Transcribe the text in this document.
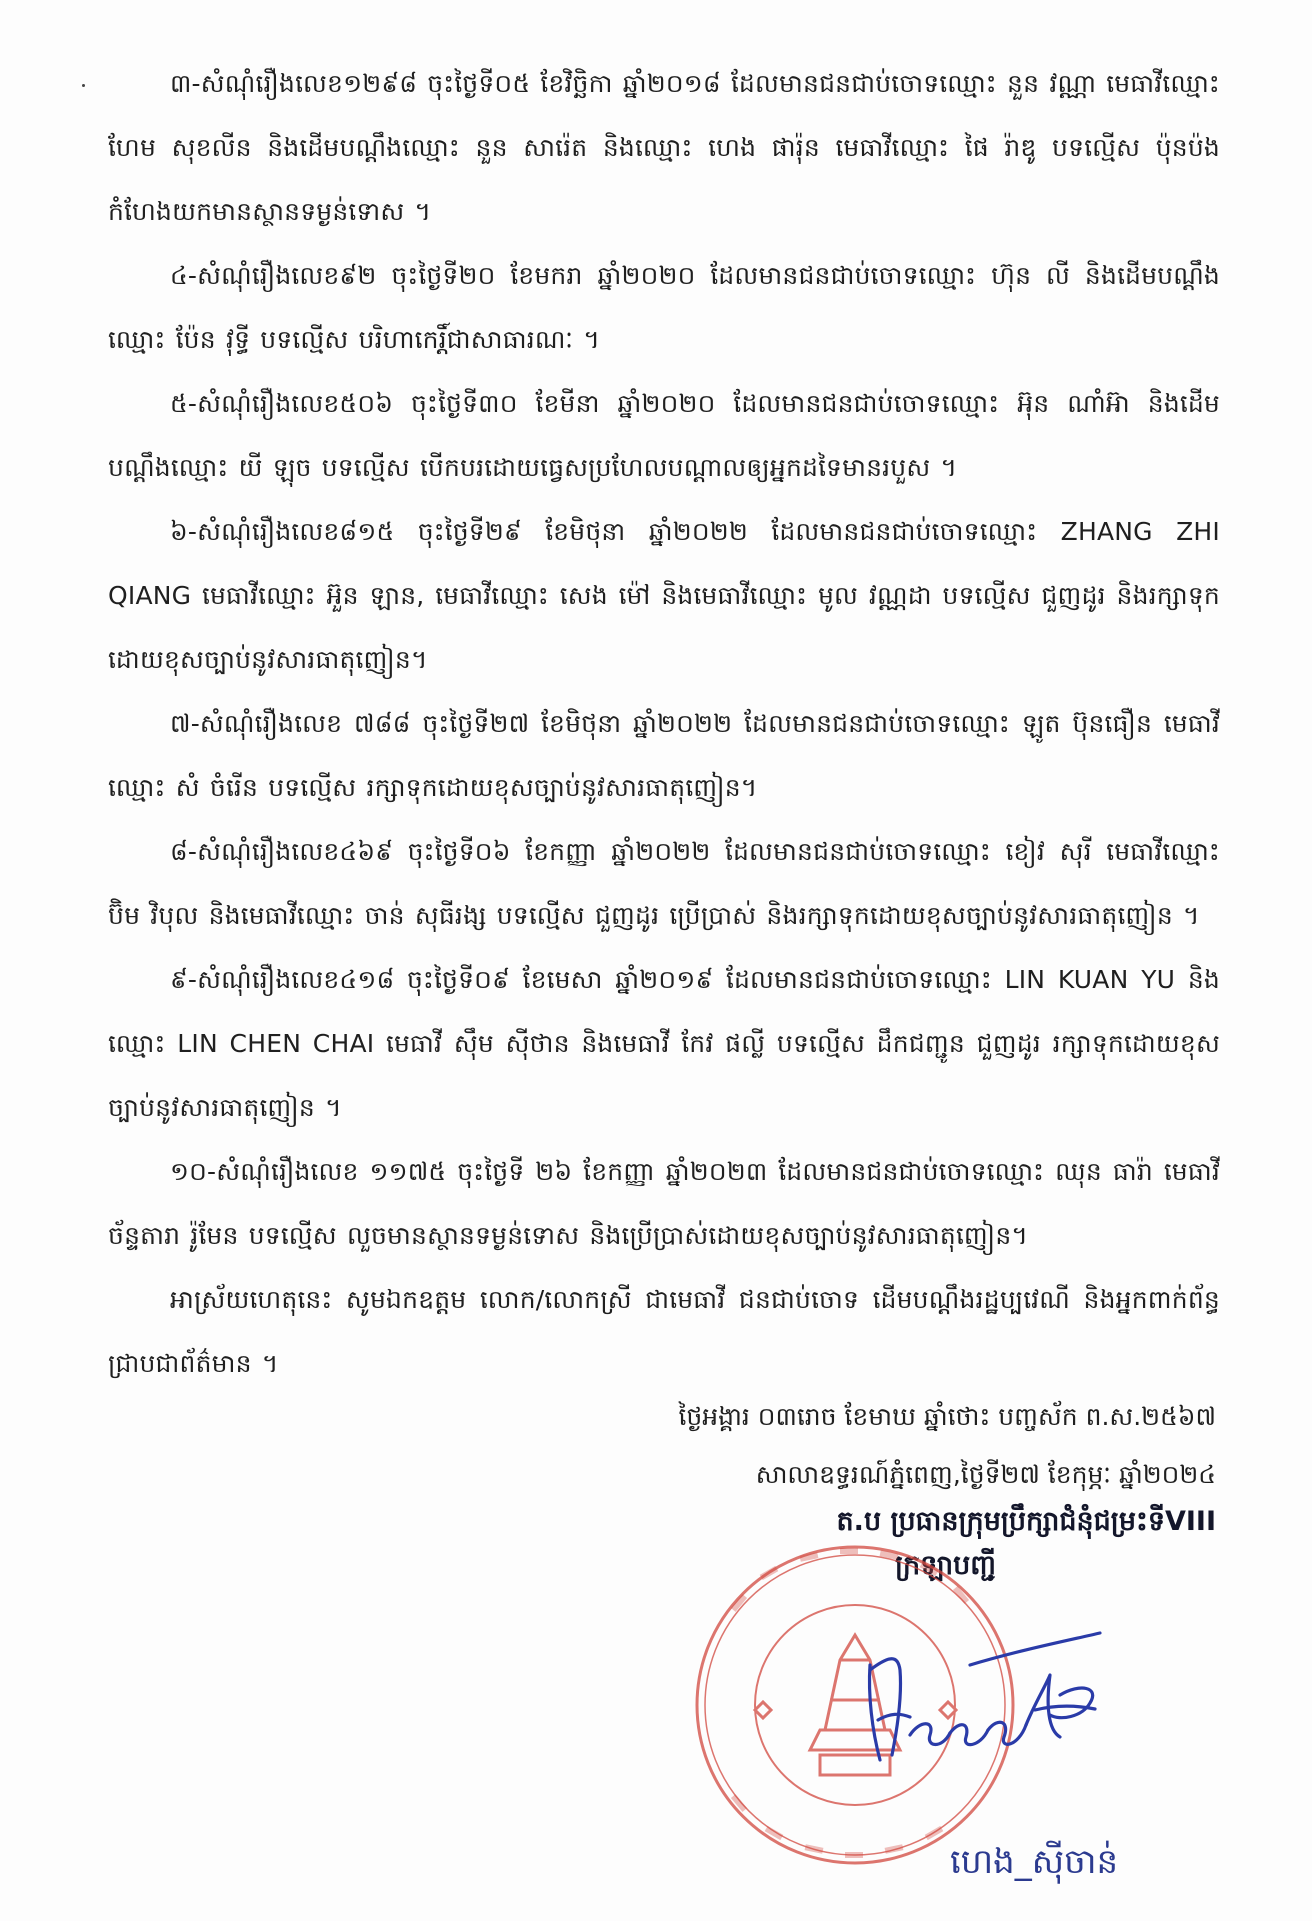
៣-សំណុំរឿងលេខ១២៩៨ ចុះថ្ងៃទី០៥ ខែវិច្ឆិកា ឆ្នាំ២០១៨ ដែលមានជនជាប់ចោទឈ្មោះ នួន វណ្ណា មេធាវីឈ្មោះ ហែម សុខលីន និងដើមបណ្តឹងឈ្មោះ នួន សារ៉េត និងឈ្មោះ ហេង ផារ៉ុន មេធាវីឈ្មោះ ផៃ រ៉ាឌូ បទល្មើស ប៉ុនប៉ងកំហែងយកមានស្ថានទម្ងន់ទោស ។

៤-សំណុំរឿងលេខ៩២ ចុះថ្ងៃទី២០ ខែមករា ឆ្នាំ២០២០ ដែលមានជនជាប់ចោទឈ្មោះ ហ៊ុន លី និងដើមបណ្តឹងឈ្មោះ ប៉ែន វុទ្ធី បទល្មើស បរិហាកេរ្តិ៍ជាសាធារណៈ ។

៥-សំណុំរឿងលេខ៥០៦ ចុះថ្ងៃទី៣០ ខែមីនា ឆ្នាំ២០២០ ដែលមានជនជាប់ចោទឈ្មោះ អ៊ុន ណាំអ៊ា និងដើមបណ្តឹងឈ្មោះ យី ឡុច បទល្មើស បើកបរដោយធ្វេសប្រហែលបណ្តាលឲ្យអ្នកដទៃមានរបួស ។

៦-សំណុំរឿងលេខ៨១៥ ចុះថ្ងៃទី២៩ ខែមិថុនា ឆ្នាំ២០២២ ដែលមានជនជាប់ចោទឈ្មោះ ZHANG ZHI QIANG មេធាវីឈ្មោះ អ៊ួន ឡាន, មេធាវីឈ្មោះ សេង ម៉ៅ និងមេធាវីឈ្មោះ មូល វណ្ណដា បទល្មើស ជួញដូរ និងរក្សាទុកដោយខុសច្បាប់នូវសារធាតុញៀន។

៧-សំណុំរឿងលេខ ៧៨៨ ចុះថ្ងៃទី២៧ ខែមិថុនា ឆ្នាំ២០២២ ដែលមានជនជាប់ចោទឈ្មោះ ឡូត ប៊ុនធឿន មេធាវីឈ្មោះ សំ ចំរើន បទល្មើស រក្សាទុកដោយខុសច្បាប់នូវសារធាតុញៀន។

៨-សំណុំរឿងលេខ៤៦៩ ចុះថ្ងៃទី០៦ ខែកញ្ញា ឆ្នាំ២០២២ ដែលមានជនជាប់ចោទឈ្មោះ ខៀវ សុរី មេធាវីឈ្មោះ ប៊ិម វិបុល និងមេធាវីឈ្មោះ ចាន់ សុធីរង្ស បទល្មើស ជួញដូរ ប្រើប្រាស់ និងរក្សាទុកដោយខុសច្បាប់នូវសារធាតុញៀន ។

៩-សំណុំរឿងលេខ៤១៨ ចុះថ្ងៃទី០៩ ខែមេសា ឆ្នាំ២០១៩ ដែលមានជនជាប់ចោទឈ្មោះ LIN KUAN YU និងឈ្មោះ LIN CHEN CHAI មេធាវី ស៊ឹម ស៊ីថាន និងមេធាវី កែវ ផល្លី បទល្មើស ដឹកជញ្ជូន ជួញដូរ រក្សាទុកដោយខុសច្បាប់នូវសារធាតុញៀន ។

១០-សំណុំរឿងលេខ ១១៧៥ ចុះថ្ងៃទី ២៦ ខែកញ្ញា ឆ្នាំ២០២៣ ដែលមានជនជាប់ចោទឈ្មោះ ឈុន ធារ៉ា មេធាវី ច័ន្ទតារា រ៉ូមែន បទល្មើស លួចមានស្ថានទម្ងន់ទោស និងប្រើប្រាស់ដោយខុសច្បាប់នូវសារធាតុញៀន។

អាស្រ័យហេតុនេះ សូមឯកឧត្តម លោក/លោកស្រី ជាមេធាវី ជនជាប់ចោទ ដើមបណ្តឹងរដ្ឋប្បវេណី និងអ្នកពាក់ព័ន្ធ ជ្រាបជាព័ត៌មាន ។

ថ្ងៃអង្គារ ០៣រោច ខែមាឃ ឆ្នាំថោះ បញ្ចស័ក ព.ស.២៥៦៧
សាលាឧទ្ធរណ៍ភ្នំពេញ,ថ្ងៃទី២៧ ខែកុម្ភៈ ឆ្នាំ២០២៤
ត.ប ប្រធានក្រុមប្រឹក្សាជំនុំជម្រះទីVIII
ក្រឡាបញ្ជី
ហេង_ស៊ីចាន់
